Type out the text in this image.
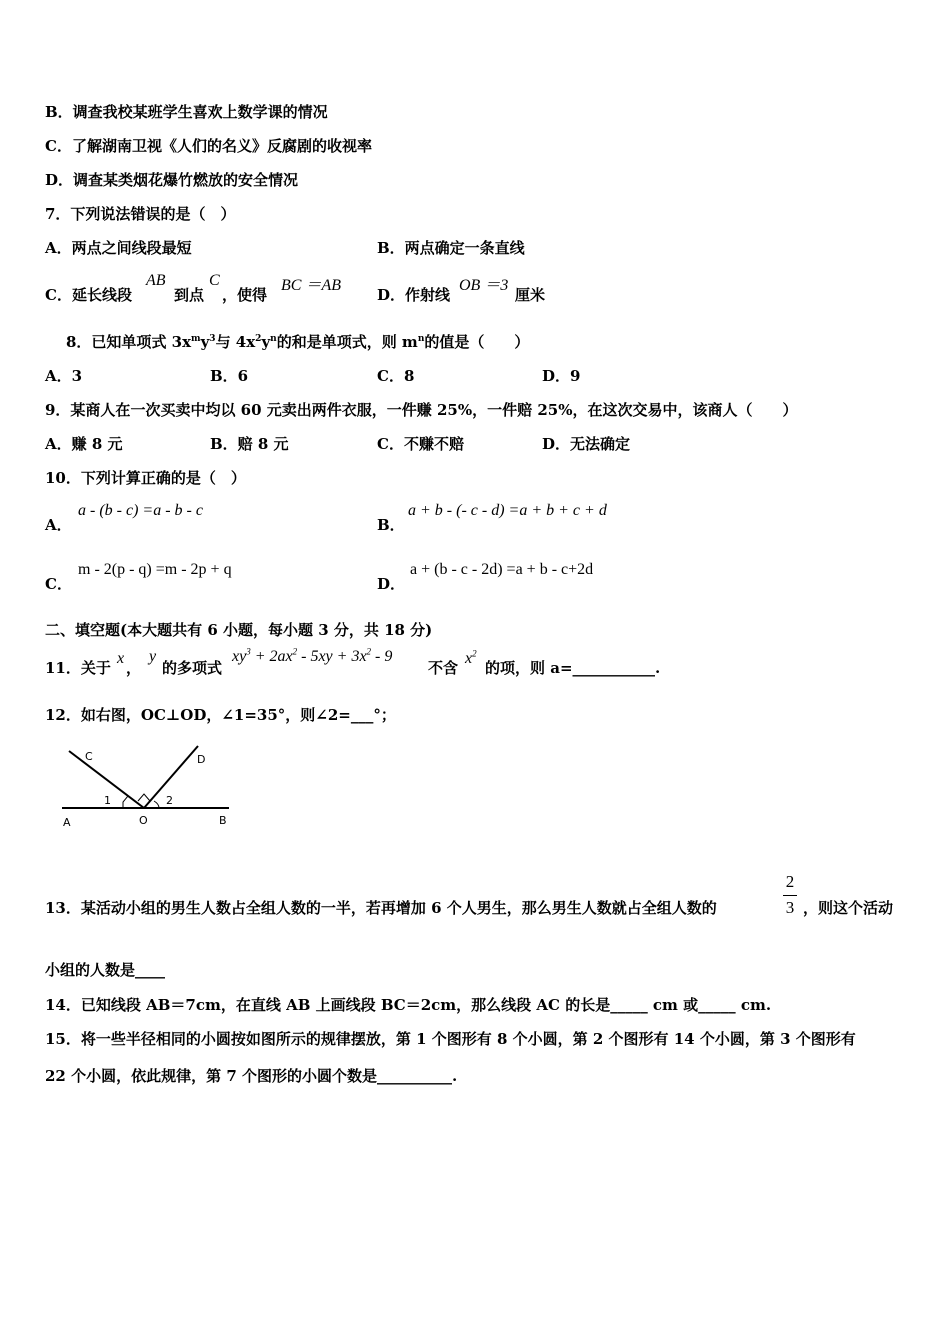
B．调查我校某班学生喜欢上数学课的情况
C．了解湖南卫视《人们的名义》反腐剧的收视率
D．调查某类烟花爆竹燃放的安全情况
7．下列说法错误的是（　）
A．两点之间线段最短	B．两点确定一条直线
C．延长线段
AB
到点
C
，使得
BC ＝AB
D．作射线
OB ＝3
厘米
8．已知单项式 $3x^my^3$与 $4x^2y^n$的和是单项式，则 $m^n$的值是（　　）
A．3	B．6	C．8	D．9
9．某商人在一次买卖中均以 60 元卖出两件衣服，一件赚 25%，一件赔 25%，在这次交易中，该商人（　　）
A．赚 8 元	B．赔 8 元	C．不赚不赔	D．无法确定
10．下列计算正确的是（　）
A．
a - (b - c) =a - b - c
B．
a + b - (- c - d) =a + b + c + d
C．
m - 2(p - q) =m - 2p + q
D．
a + (b - c - 2d) =a + b - c+2d
二、填空题(本大题共有 6 小题，每小题 3 分，共 18 分)
11．关于
x
，
y
的多项式
$xy^3 + 2ax^2 - 5xy + 3x^2 - 9$
不含
$x^2$
的项，则 a=___________.
12．如右图，OC⊥OD，∠1=35°，则∠2=___°；
C	D
1	2
A	O	B
13．某活动小组的男生人数占全组人数的一半，若再增加 6 个人男生，那么男生人数就占全组人数的
2
3 ，则这个活动
小组的人数是____
14．已知线段 AB＝7cm，在直线 AB 上画线段 BC＝2cm，那么线段 AC 的长是_____ cm 或_____ cm.
15．将一些半径相同的小圆按如图所示的规律摆放，第 1 个图形有 8 个小圆，第 2 个图形有 14 个小圆，第 3 个图形有
22 个小圆，依此规律，第 7 个图形的小圆个数是__________.
